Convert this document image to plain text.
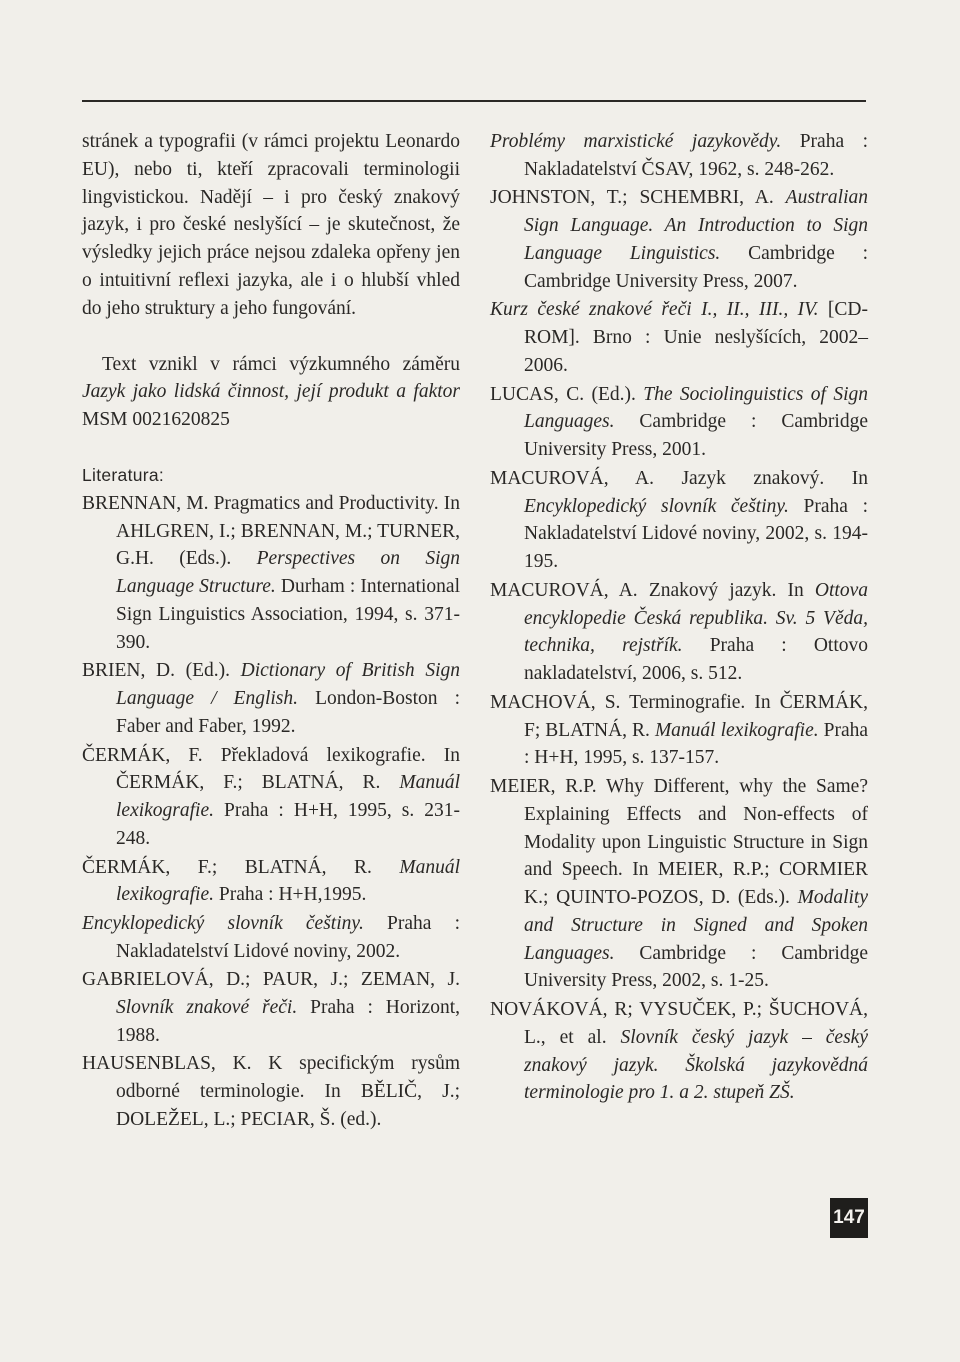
stránek a typografii (v rámci projektu Leonardo EU), nebo ti, kteří zpracovali terminologii lingvistickou. Nadějí – i pro český znakový jazyk, i pro české neslyšící – je skutečnost, že výsledky jejich práce nejsou zdaleka opřeny jen o intuitivní reflexi jazyka, ale i o hlubší vhled do jeho struktury a jeho fungování.

Text vznikl v rámci výzkumného záměru Jazyk jako lidská činnost, její produkt a faktor MSM 0021620825

Literatura:

BRENNAN, M. Pragmatics and Productivity. In AHLGREN, I.; BRENNAN, M.; TURNER, G.H. (Eds.). Perspectives on Sign Language Structure. Durham : International Sign Linguistics Association, 1994, s. 371-390.

BRIEN, D. (Ed.). Dictionary of British Sign Language / English. London-Boston : Faber and Faber, 1992.

ČERMÁK, F. Překladová lexikografie. In ČERMÁK, F.; BLATNÁ, R. Manuál lexikografie. Praha : H+H, 1995, s. 231-248.

ČERMÁK, F.; BLATNÁ, R. Manuál lexikografie. Praha : H+H,1995.

Encyklopedický slovník češtiny. Praha : Nakladatelství Lidové noviny, 2002.

GABRIELOVÁ, D.; PAUR, J.; ZEMAN, J. Slovník znakové řeči. Praha : Horizont, 1988.

HAUSENBLAS, K. K specifickým rysům odborné terminologie. In BĚLIČ, J.; DOLEŽEL, L.; PECIAR, Š. (ed.).

Problémy marxistické jazykovědy. Praha : Nakladatelství ČSAV, 1962, s. 248-262.

JOHNSTON, T.; SCHEMBRI, A. Australian Sign Language. An Introduction to Sign Language Linguistics. Cambridge : Cambridge University Press, 2007.

Kurz české znakové řeči I., II., III., IV. [CD-ROM]. Brno : Unie neslyšících, 2002–2006.

LUCAS, C. (Ed.). The Sociolinguistics of Sign Languages. Cambridge : Cambridge University Press, 2001.

MACUROVÁ, A. Jazyk znakový. In Encyklopedický slovník češtiny. Praha : Nakladatelství Lidové noviny, 2002, s. 194-195.

MACUROVÁ, A. Znakový jazyk. In Ottova encyklopedie Česká republika. Sv. 5 Věda, technika, rejstřík. Praha : Ottovo nakladatelství, 2006, s. 512.

MACHOVÁ, S. Terminografie. In ČERMÁK, F; BLATNÁ, R. Manuál lexikografie. Praha : H+H, 1995, s. 137-157.

MEIER, R.P. Why Different, why the Same? Explaining Effects and Non-effects of Modality upon Linguistic Structure in Sign and Speech. In MEIER, R.P.; CORMIER K.; QUINTO-POZOS, D. (Eds.). Modality and Structure in Signed and Spoken Languages. Cambridge : Cambridge University Press, 2002, s. 1-25.

NOVÁKOVÁ, R; VYSUČEK, P.; ŠUCHOVÁ, L., et al. Slovník český jazyk – český znakový jazyk. Školská jazykovědná terminologie pro 1. a 2. stupeň ZŠ.

147
